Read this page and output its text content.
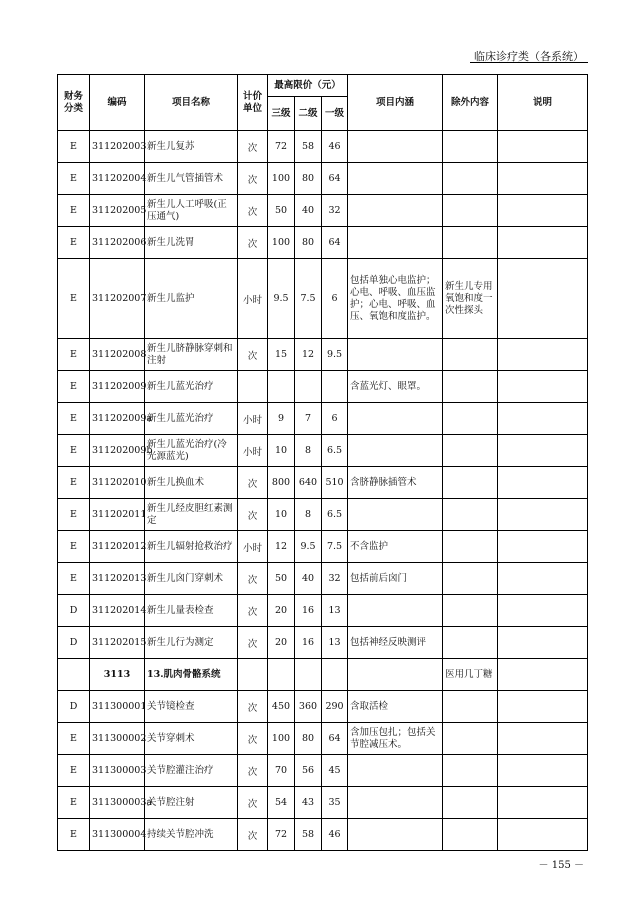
临床诊疗类（各系统）
财务分类	编码	项目名称	计价单位	最高限价（元）			项目内涵	除外内容	说明
				三级	二级	一级			
E	311202003	新生儿复苏	次	72	58	46			
E	311202004	新生儿气管插管术	次	100	80	64			
E	311202005	新生儿人工呼吸(正压通气)	次	50	40	32			
E	311202006	新生儿洗胃	次	100	80	64			
E	311202007	新生儿监护	小时	9.5	7.5	6	包括单独心电监护；心电、呼吸、血压监护；心电、呼吸、血压、氧饱和度监护。	新生儿专用氧饱和度一次性探头	
E	311202008	新生儿脐静脉穿刺和注射	次	15	12	9.5			
E	311202009	新生儿蓝光治疗					含蓝光灯、眼罩。		
E	311202009a	新生儿蓝光治疗	小时	9	7	6			
E	311202009b	新生儿蓝光治疗(冷光源蓝光)	小时	10	8	6.5			
E	311202010	新生儿换血术	次	800	640	510	含脐静脉插管术		
E	311202011	新生儿经皮胆红素测定	次	10	8	6.5			
E	311202012	新生儿辐射抢救治疗	小时	12	9.5	7.5	不含监护		
E	311202013	新生儿囟门穿刺术	次	50	40	32	包括前后囟门		
D	311202014	新生儿量表检查	次	20	16	13			
D	311202015	新生儿行为测定	次	20	16	13	包括神经反映测评		
	3113	13.肌肉骨骼系统						医用几丁糖	
D	311300001	关节镜检查	次	450	360	290	含取活检		
E	311300002	关节穿刺术	次	100	80	64	含加压包扎；包括关节腔减压术。		
E	311300003	关节腔灌注治疗	次	70	56	45			
E	311300003a	关节腔注射	次	54	43	35			
E	311300004	持续关节腔冲洗	次	72	58	46			
－ 155 －
